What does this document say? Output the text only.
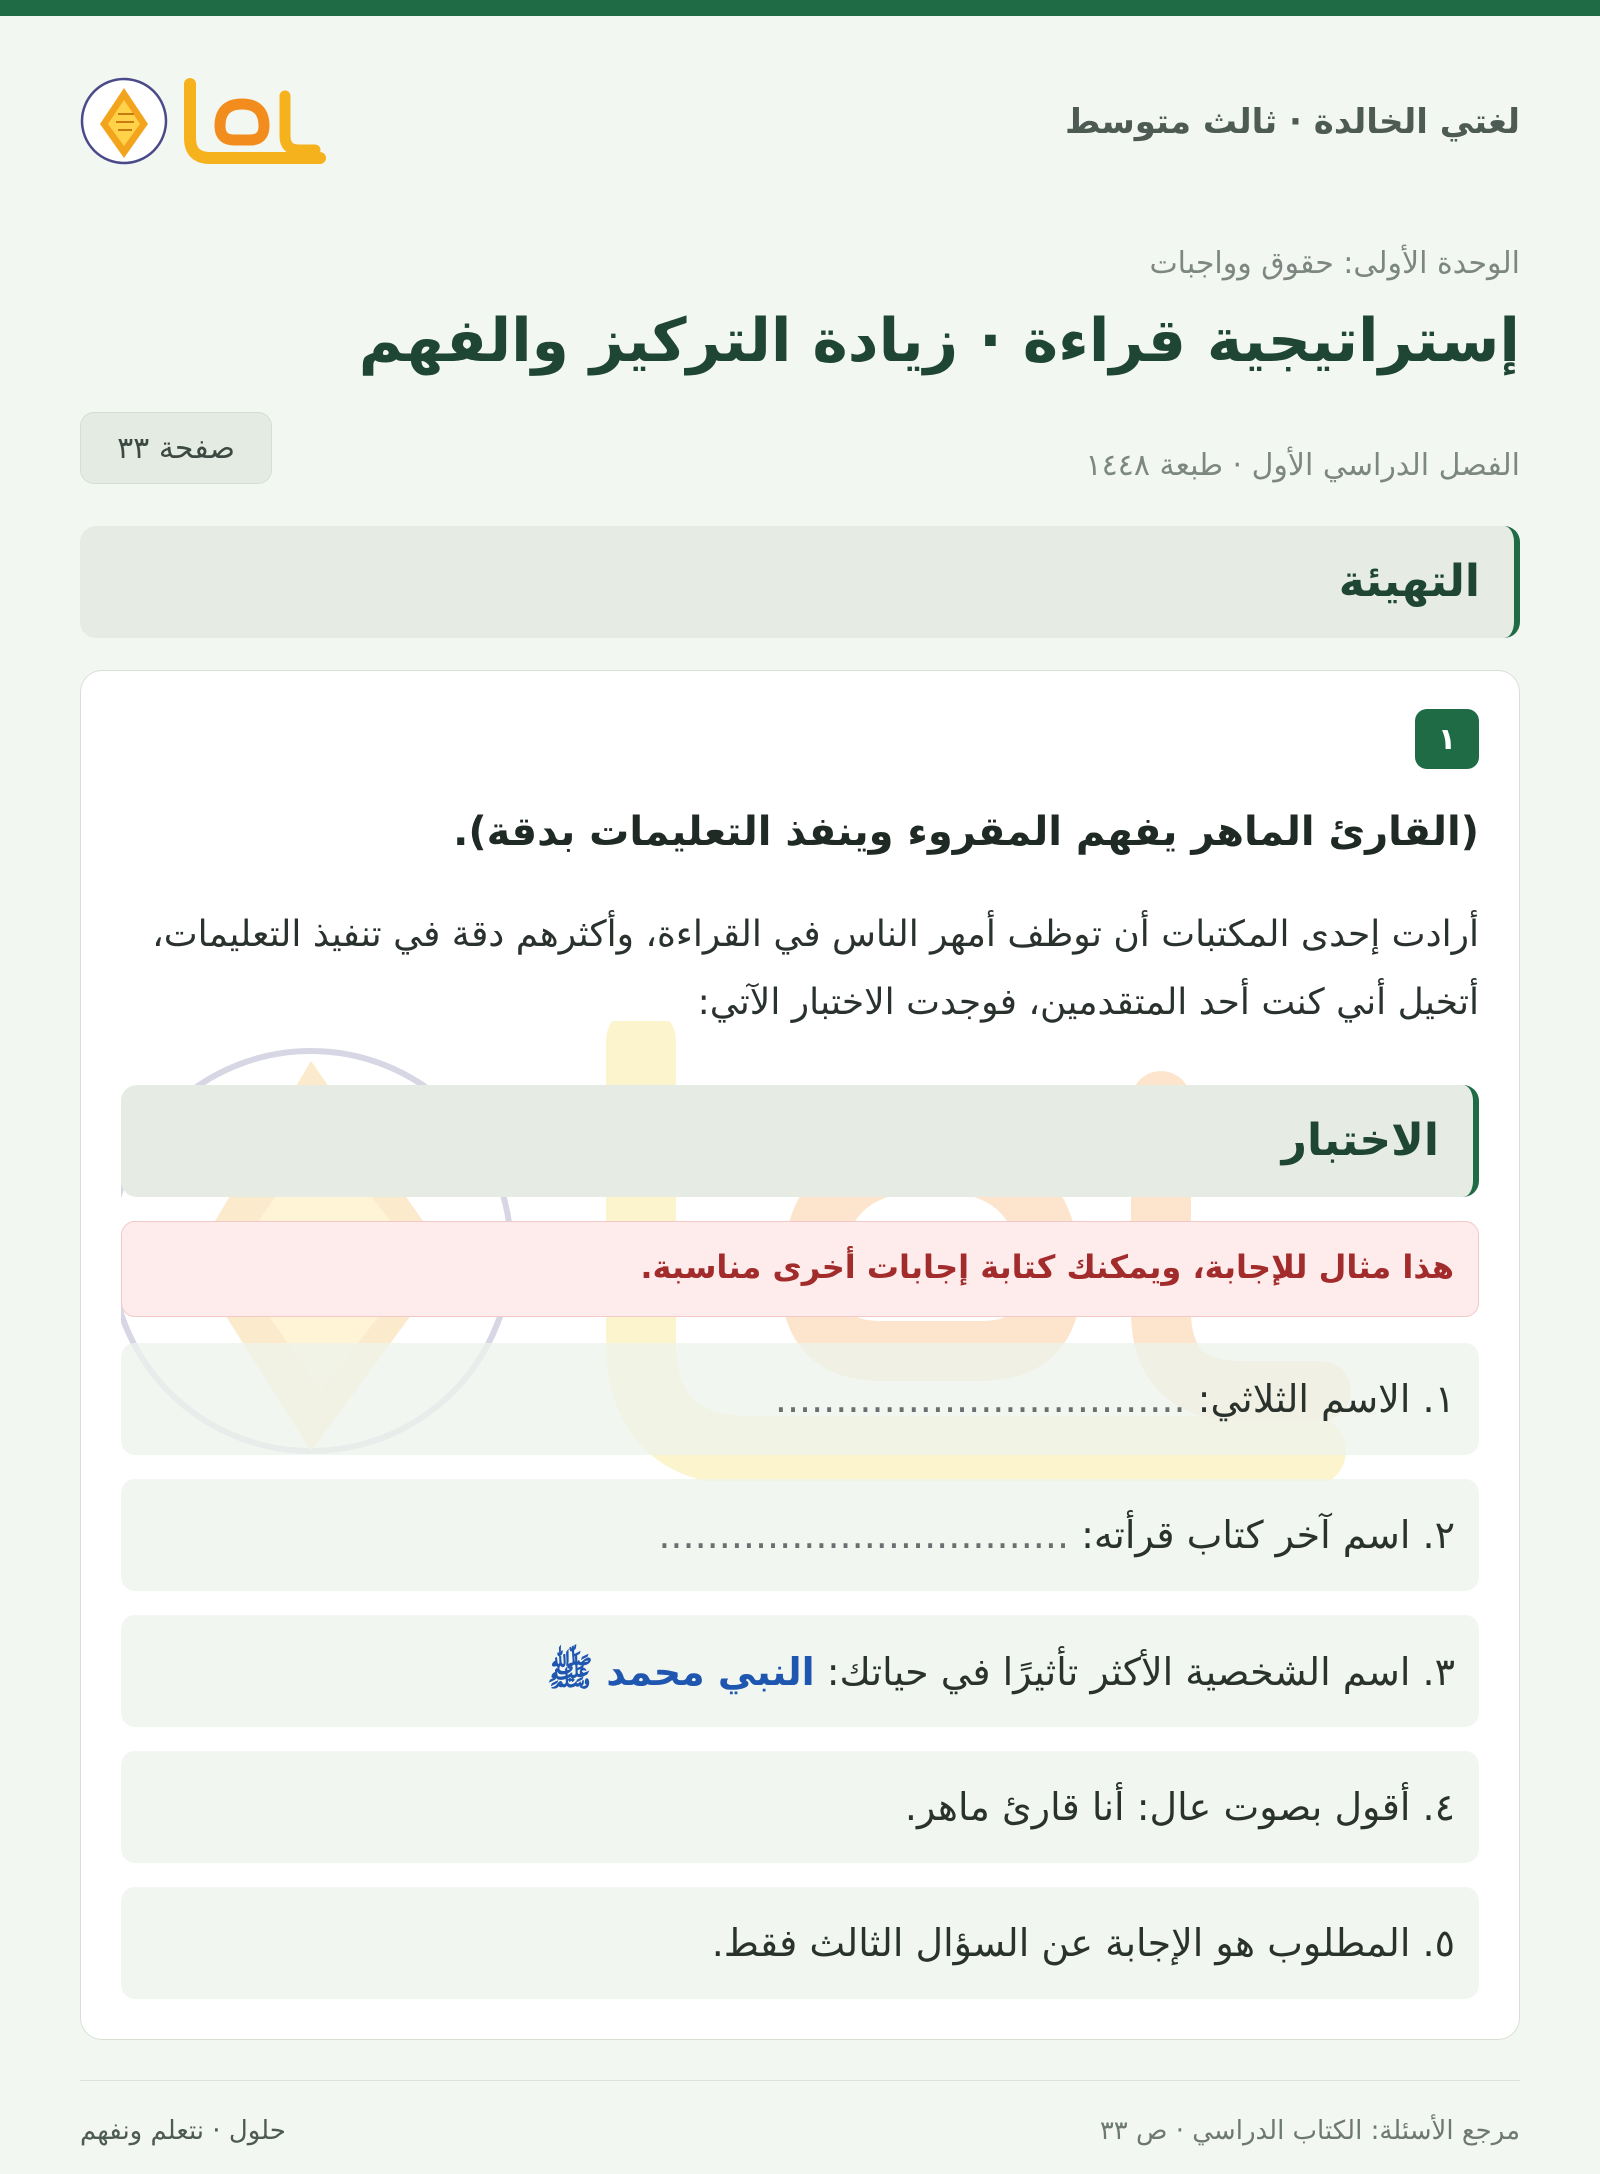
لغتي الخالدة · ثالث متوسط
الوحدة الأولى: حقوق وواجبات
إستراتيجية قراءة · زيادة التركيز والفهم
الفصل الدراسي الأول · طبعة ١٤٤٨
صفحة ٣٣
التهيئة
١
(القارئ الماهر يفهم المقروء وينفذ التعليمات بدقة).

أرادت إحدى المكتبات أن توظف أمهر الناس في القراءة، وأكثرهم دقة في تنفيذ التعليمات، أتخيل أني كنت أحد المتقدمين، فوجدت الاختبار الآتي:

الاختبار
هذا مثال للإجابة، ويمكنك كتابة إجابات أخرى مناسبة.
١. الاسم الثلاثي: ..................................
٢. اسم آخر كتاب قرأته: ..................................
٣. اسم الشخصية الأكثر تأثيرًا في حياتك: النبي محمد ﷺ
٤. أقول بصوت عال: أنا قارئ ماهر.
٥. المطلوب هو الإجابة عن السؤال الثالث فقط.
مرجع الأسئلة: الكتاب الدراسي · ص ٣٣
حلول · نتعلم ونفهم
